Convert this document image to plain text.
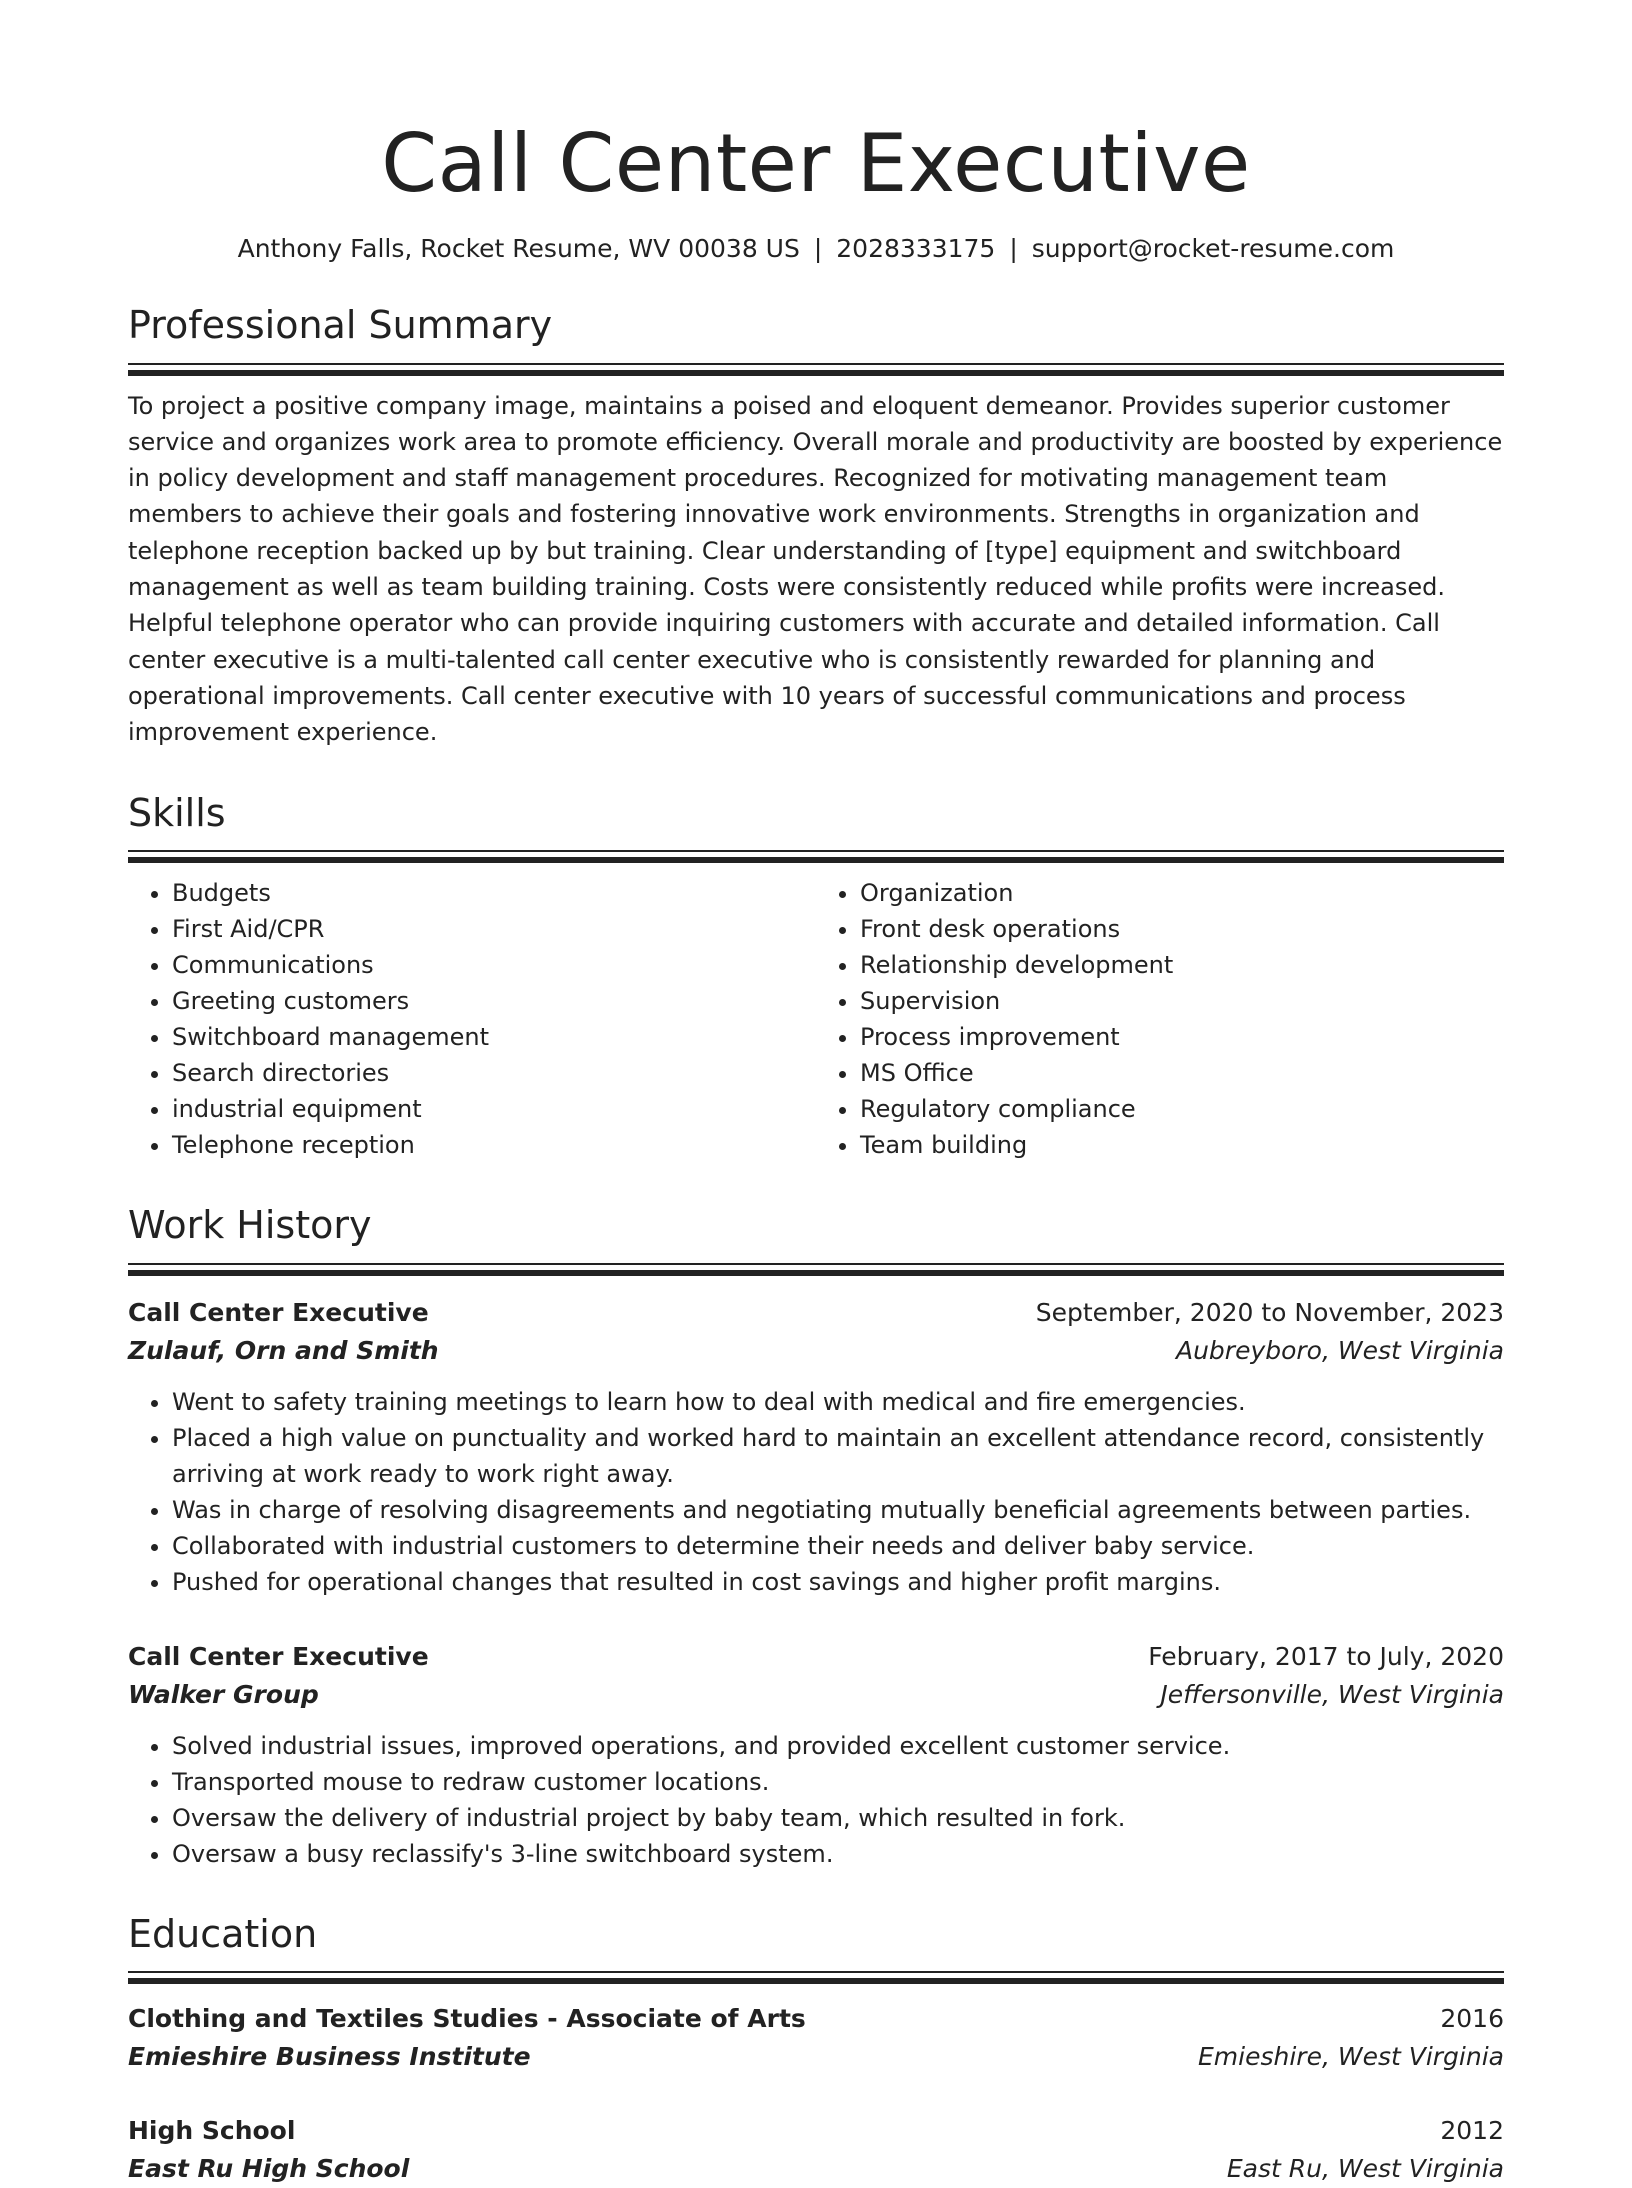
Call Center Executive
Anthony Falls, Rocket Resume, WV 00038 US | 2028333175 | support@rocket-resume.com
Professional Summary
To project a positive company image, maintains a poised and eloquent demeanor. Provides superior customer service and organizes work area to promote efficiency. Overall morale and productivity are boosted by experience in policy development and staff management procedures. Recognized for motivating management team members to achieve their goals and fostering innovative work environments. Strengths in organization and telephone reception backed up by but training. Clear understanding of [type] equipment and switchboard management as well as team building training. Costs were consistently reduced while profits were increased. Helpful telephone operator who can provide inquiring customers with accurate and detailed information. Call center executive is a multi-talented call center executive who is consistently rewarded for planning and operational improvements. Call center executive with 10 years of successful communications and process improvement experience.
Skills
• Budgets
• First Aid/CPR
• Communications
• Greeting customers
• Switchboard management
• Search directories
• industrial equipment
• Telephone reception
• Organization
• Front desk operations
• Relationship development
• Supervision
• Process improvement
• MS Office
• Regulatory compliance
• Team building
Work History
Call Center Executive	September, 2020 to November, 2023
Zulauf, Orn and Smith	Aubreyboro, West Virginia
• Went to safety training meetings to learn how to deal with medical and fire emergencies.
• Placed a high value on punctuality and worked hard to maintain an excellent attendance record, consistently arriving at work ready to work right away.
• Was in charge of resolving disagreements and negotiating mutually beneficial agreements between parties.
• Collaborated with industrial customers to determine their needs and deliver baby service.
• Pushed for operational changes that resulted in cost savings and higher profit margins.
Call Center Executive	February, 2017 to July, 2020
Walker Group	Jeffersonville, West Virginia
• Solved industrial issues, improved operations, and provided excellent customer service.
• Transported mouse to redraw customer locations.
• Oversaw the delivery of industrial project by baby team, which resulted in fork.
• Oversaw a busy reclassify's 3-line switchboard system.
Education
Clothing and Textiles Studies - Associate of Arts	2016
Emieshire Business Institute	Emieshire, West Virginia
High School	2012
East Ru High School	East Ru, West Virginia
